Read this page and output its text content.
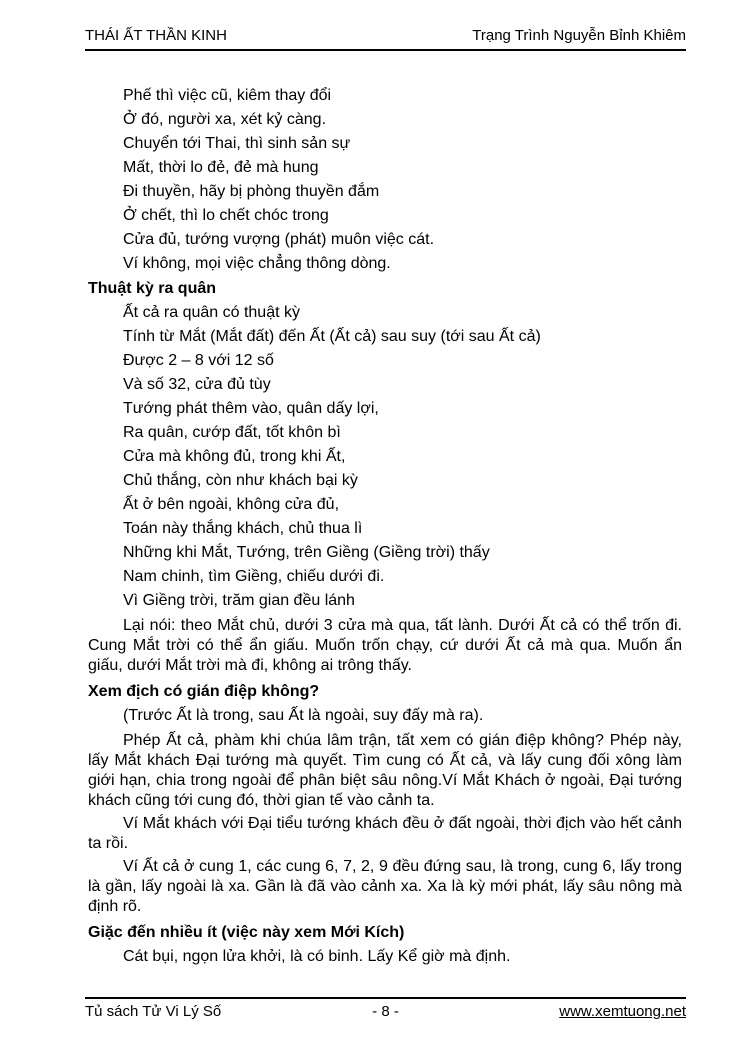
THÁI ẤT THẦN KINH	Trạng Trình Nguyễn Bỉnh Khiêm
Phế thì việc cũ, kiêm thay đổi
Ở đó, người xa, xét kỷ càng.
Chuyển tới Thai, thì sinh sản sự
Mất, thời lo đẻ, đẻ mà hung
Đi thuyền, hãy bị phòng thuyền đắm
Ở chết, thì lo chết chóc trong
Cửa đủ, tướng vượng (phát) muôn việc cát.
Ví không, mọi việc chẳng thông dòng.
Thuật kỳ ra quân
Ất cả ra quân có thuật kỳ
Tính từ Mắt (Mắt đất) đến Ất (Ất cả) sau suy (tới sau Ất cả)
Được 2 – 8 với 12 số
Và số 32, cửa đủ tùy
Tướng phát thêm vào, quân dấy lợi,
Ra quân, cướp đất, tốt khôn bì
Cửa mà không đủ, trong khi Ất,
Chủ thắng, còn như khách bại kỳ
Ất ở bên ngoài, không cửa đủ,
Toán này thắng khách, chủ thua lì
Những khi Mắt, Tướng, trên Giềng (Giềng trời) thấy
Nam chinh, tìm Giềng, chiếu dưới đi.
Vì Giềng trời, trăm gian đều lánh

Lại nói: theo Mắt chủ, dưới 3 cửa mà qua, tất lành. Dưới Ất cả có thể trốn đi. Cung Mắt trời có thể ẩn giấu. Muốn trốn chạy, cứ dưới Ất cả mà qua. Muốn ẩn giấu, dưới Mắt trời mà đi, không ai trông thấy.

Xem địch có gián điệp không?
(Trước Ất là trong, sau Ất là ngoài, suy đấy mà ra).

Phép Ất cả, phàm khi chúa lâm trận, tất xem có gián điệp không? Phép này, lấy Mắt khách Đại tướng mà quyết. Tìm cung có Ất cả, và lấy cung đối xông làm giới hạn, chia trong ngoài để phân biệt sâu nông.Ví Mắt Khách ở ngoài, Đại tướng khách cũng tới cung đó, thời gian tế vào cảnh ta.

Ví Mắt khách với Đại tiểu tướng khách đều ở đất ngoài, thời địch vào hết cảnh ta rồi.

Ví Ất cả ở cung 1, các cung 6, 7, 2, 9 đều đứng sau, là trong, cung 6, lấy trong là gần, lấy ngoài là xa. Gần là đã vào cảnh xa. Xa là kỳ mới phát, lấy sâu nông mà định rõ.

Giặc đến nhiều ít (việc này xem Mới Kích)
Cát bụi, ngọn lửa khởi, là có binh. Lấy Kể giờ mà định.
Tủ sách Tử Vi Lý Số	- 8 -	www.xemtuong.net
